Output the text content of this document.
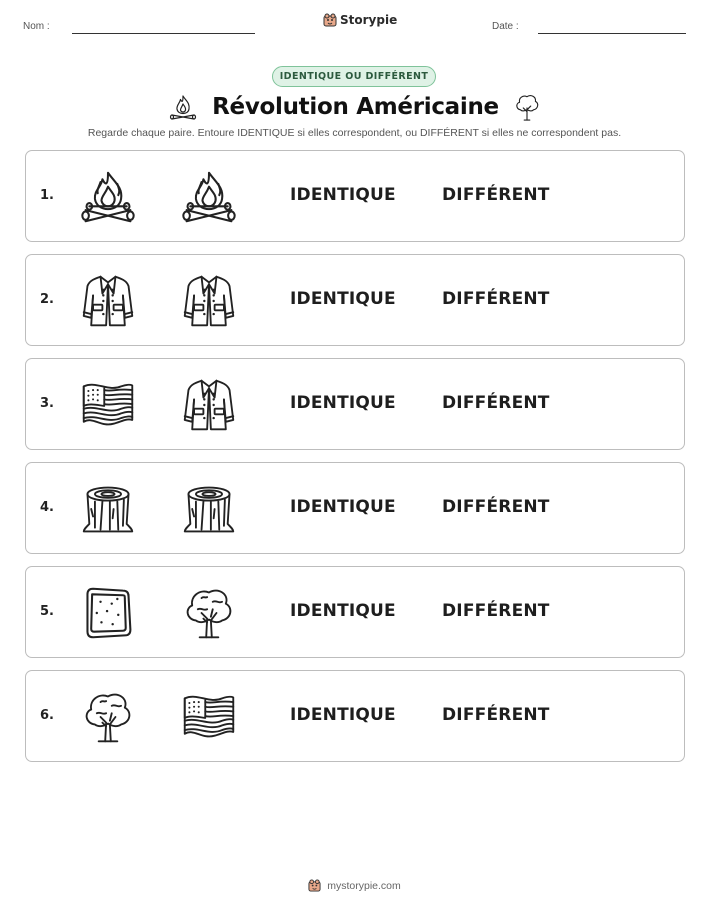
Nom :	Storypie	Date :
IDENTIQUE OU DIFFÉRENT
Révolution Américaine
Regarde chaque paire. Entoure IDENTIQUE si elles correspondent, ou DIFFÉRENT si elles ne correspondent pas.
1.	IDENTIQUE	DIFFÉRENT
2.	IDENTIQUE	DIFFÉRENT
3.	IDENTIQUE	DIFFÉRENT
4.	IDENTIQUE	DIFFÉRENT
5.	IDENTIQUE	DIFFÉRENT
6.	IDENTIQUE	DIFFÉRENT
mystorypie.com
